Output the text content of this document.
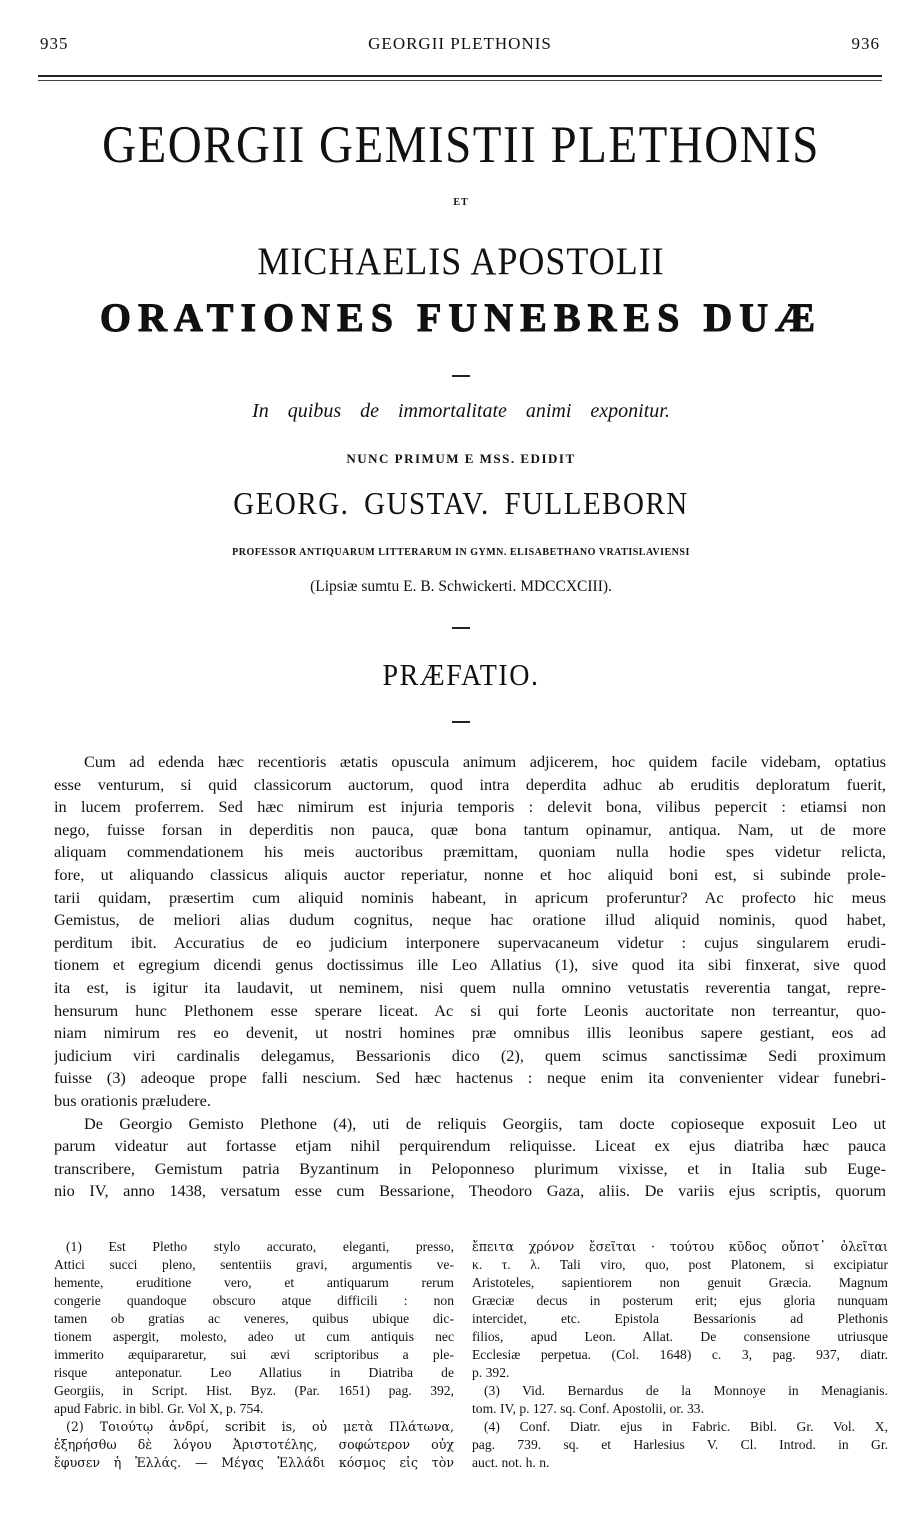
935	GEORGII PLETHONIS	936
GEORGII GEMISTII PLETHONIS
ET
MICHAELIS APOSTOLII
ORATIONES FUNEBRES DUÆ
In quibus de immortalitate animi exponitur.
NUNC PRIMUM E MSS. EDIDIT
GEORG. GUSTAV. FULLEBORN
PROFESSOR ANTIQUARUM LITTERARUM IN GYMN. ELISABETHANO VRATISLAVIENSI
(Lipsiæ sumtu E. B. Schwickerti. MDCCXCIII).
PRÆFATIO.
Cum ad edenda hæc recentioris ætatis opuscula animum adjicerem, hoc quidem facile videbam, optatius
esse venturum, si quid classicorum auctorum, quod intra deperdita adhuc ab eruditis deploratum fuerit,
in lucem proferrem. Sed hæc nimirum est injuria temporis : delevit bona, vilibus pepercit : etiamsi non
nego, fuisse forsan in deperditis non pauca, quæ bona tantum opinamur, antiqua. Nam, ut de more
aliquam commendationem his meis auctoribus præmittam, quoniam nulla hodie spes videtur relicta,
fore, ut aliquando classicus aliquis auctor reperiatur, nonne et hoc aliquid boni est, si subinde prole-
tarii quidam, præsertim cum aliquid nominis habeant, in apricum proferuntur? Ac profecto hic meus
Gemistus, de meliori alias dudum cognitus, neque hac oratione illud aliquid nominis, quod habet,
perditum ibit. Accuratius de eo judicium interponere supervacaneum videtur : cujus singularem erudi-
tionem et egregium dicendi genus doctissimus ille Leo Allatius (1), sive quod ita sibi finxerat, sive quod
ita est, is igitur ita laudavit, ut neminem, nisi quem nulla omnino vetustatis reverentia tangat, repre-
hensurum hunc Plethonem esse sperare liceat. Ac si qui forte Leonis auctoritate non terreantur, quo-
niam nimirum res eo devenit, ut nostri homines præ omnibus illis leonibus sapere gestiant, eos ad
judicium viri cardinalis delegamus, Bessarionis dico (2), quem scimus sanctissimæ Sedi proximum
fuisse (3) adeoque prope falli nescium. Sed hæc hactenus : neque enim ita convenienter videar funebri-
bus orationis præludere.
De Georgio Gemisto Plethone (4), uti de reliquis Georgiis, tam docte copioseque exposuit Leo ut
parum videatur aut fortasse etjam nihil perquirendum reliquisse. Liceat ex ejus diatriba hæc pauca
transcribere, Gemistum patria Byzantinum in Peloponneso plurimum vixisse, et in Italia sub Euge-
nio IV, anno 1438, versatum esse cum Bessarione, Theodoro Gaza, aliis. De variis ejus scriptis, quorum
(1) Est Pletho stylo accurato, eleganti, presso,
Attici succi pleno, sententiis gravi, argumentis ve-
hemente, eruditione vero, et antiquarum rerum
congerie quandoque obscuro atque difficili : non
tamen ob gratias ac veneres, quibus ubique dic-
tionem aspergit, molesto, adeo ut cum antiquis nec
immerito æquipararetur, sui ævi scriptoribus a ple-
risque anteponatur. Leo Allatius in Diatriba de
Georgiis, in Script. Hist. Byz. (Par. 1651) pag. 392,
apud Fabric. in bibl. Gr. Vol X, p. 754.
(2) Τοιούτῳ ἀνδρί, scribit is, οὐ μετὰ Πλάτωνα,
ἐξηρήσθω δὲ λόγου Ἀριστοτέλης, σοφώτερον οὐχ
ἔφυσεν ἡ Ἑλλάς. — Μέγας Ἑλλάδι κόσμος εἰς τὸν
ἔπειτα χρόνον ἔσεῖται · τούτου κῦδος οὔποτ᾽ ὀλεῖται
κ. τ. λ. Tali viro, quo, post Platonem, si excipiatur
Aristoteles, sapientiorem non genuit Græcia. Magnum
Græciæ decus in posterum erit; ejus gloria nunquam
intercidet, etc. Epistola Bessarionis ad Plethonis
filios, apud Leon. Allat. De consensione utriusque
Ecclesiæ perpetua. (Col. 1648) c. 3, pag. 937, diatr.
p. 392.
(3) Vid. Bernardus de la Monnoye in Menagianis.
tom. IV, p. 127. sq. Conf. Apostolii, or. 33.
(4) Conf. Diatr. ejus in Fabric. Bibl. Gr. Vol. X,
pag. 739. sq. et Harlesius V. Cl. Introd. in Gr.
auct. not. h. n.
